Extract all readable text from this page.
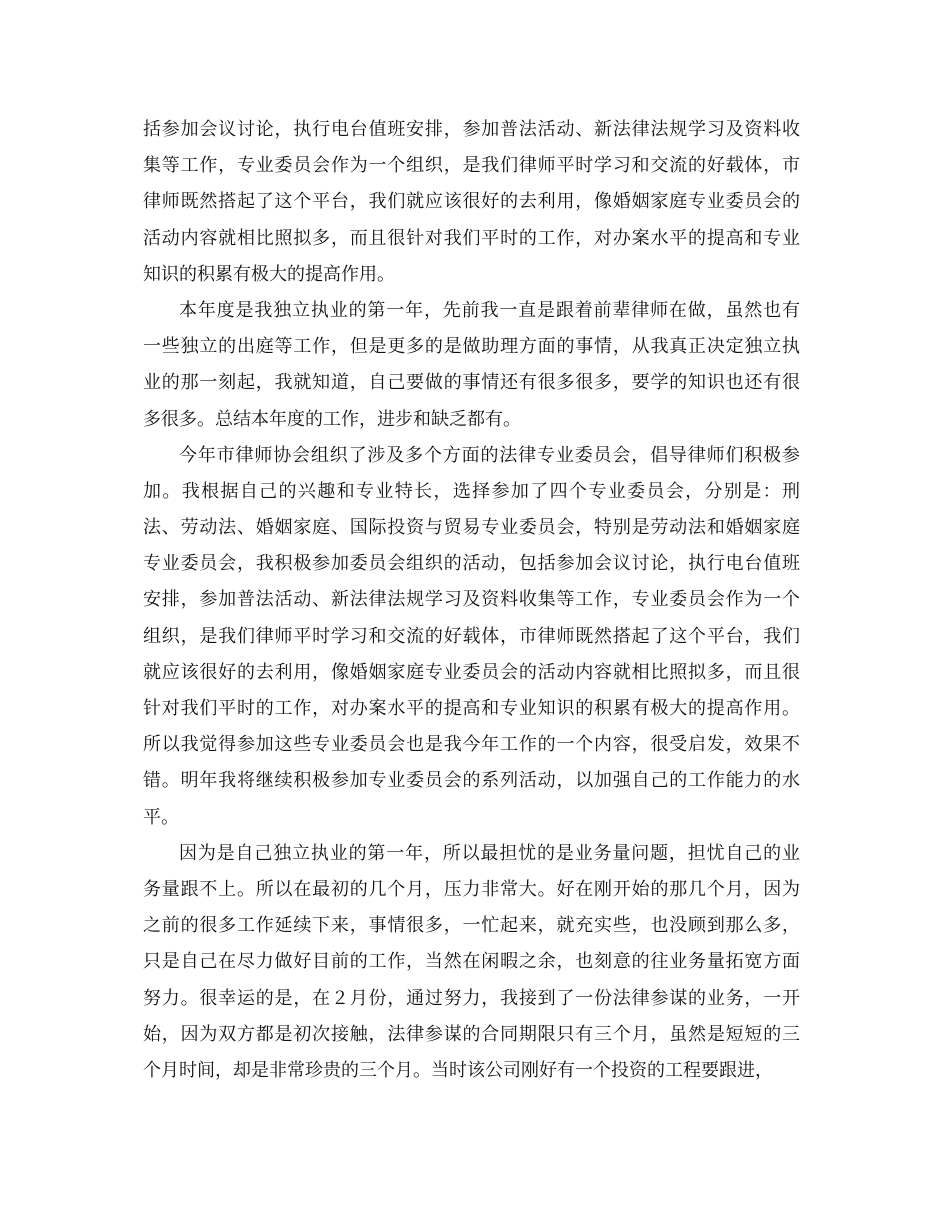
括参加会议讨论，执行电台值班安排，参加普法活动、新法律法规学习及资料收
集等工作，专业委员会作为一个组织，是我们律师平时学习和交流的好载体，市
律师既然搭起了这个平台，我们就应该很好的去利用，像婚姻家庭专业委员会的
活动内容就相比照拟多，而且很针对我们平时的工作，对办案水平的提高和专业
知识的积累有极大的提高作用。
本年度是我独立执业的第一年，先前我一直是跟着前辈律师在做，虽然也有
一些独立的出庭等工作，但是更多的是做助理方面的事情，从我真正决定独立执
业的那一刻起，我就知道，自己要做的事情还有很多很多，要学的知识也还有很
多很多。总结本年度的工作，进步和缺乏都有。
今年市律师协会组织了涉及多个方面的法律专业委员会，倡导律师们积极参
加。我根据自己的兴趣和专业特长，选择参加了四个专业委员会，分别是：刑
法、劳动法、婚姻家庭、国际投资与贸易专业委员会，特别是劳动法和婚姻家庭
专业委员会，我积极参加委员会组织的活动，包括参加会议讨论，执行电台值班
安排，参加普法活动、新法律法规学习及资料收集等工作，专业委员会作为一个
组织，是我们律师平时学习和交流的好载体，市律师既然搭起了这个平台，我们
就应该很好的去利用，像婚姻家庭专业委员会的活动内容就相比照拟多，而且很
针对我们平时的工作，对办案水平的提高和专业知识的积累有极大的提高作用。
所以我觉得参加这些专业委员会也是我今年工作的一个内容，很受启发，效果不
错。明年我将继续积极参加专业委员会的系列活动，以加强自己的工作能力的水
平。
因为是自己独立执业的第一年，所以最担忧的是业务量问题，担忧自己的业
务量跟不上。所以在最初的几个月，压力非常大。好在刚开始的那几个月，因为
之前的很多工作延续下来，事情很多，一忙起来，就充实些，也没顾到那么多，
只是自己在尽力做好目前的工作，当然在闲暇之余，也刻意的往业务量拓宽方面
努力。很幸运的是，在２月份，通过努力，我接到了一份法律参谋的业务，一开
始，因为双方都是初次接触，法律参谋的合同期限只有三个月，虽然是短短的三
个月时间，却是非常珍贵的三个月。当时该公司刚好有一个投资的工程要跟进，
